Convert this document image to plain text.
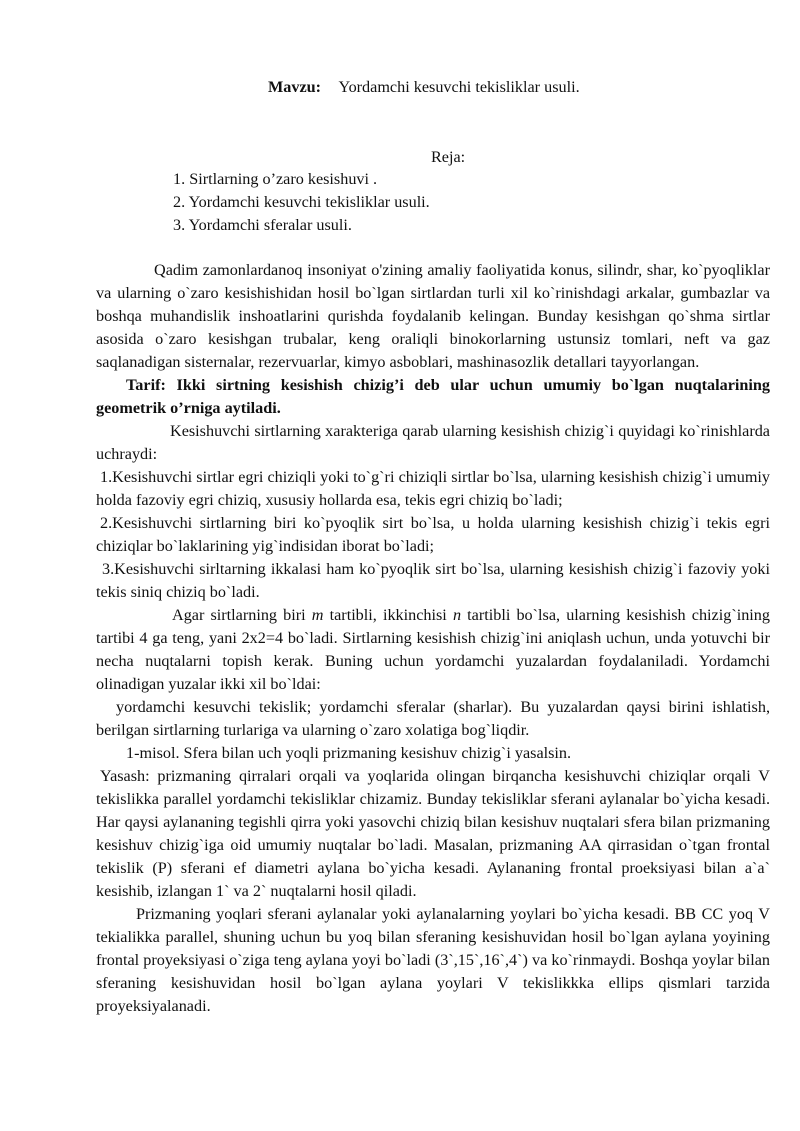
Mavzu: Yordamchi kesuvchi tekisliklar usuli.
Reja:
1. Sirtlarning o’zaro kesishuvi .
2. Yordamchi kesuvchi tekisliklar usuli.
3. Yordamchi sferalar usuli.

Qadim zamonlardanoq insoniyat o'zining amaliy faoliyatida konus, silindr, shar, ko`pyoqliklar va ularning o`zaro kesishishidan hosil bo`lgan sirtlardan turli xil ko`rinishdagi arkalar, gumbazlar va boshqa muhandislik inshoatlarini qurishda foydalanib kelingan. Bunday kesishgan qo`shma sirtlar asosida o`zaro kesishgan trubalar, keng oraliqli binokorlarning ustunsiz tomlari, neft va gaz saqlanadigan sisternalar, rezervuarlar, kimyo asboblari, mashinasozlik detallari tayyorlangan.

Tarif: Ikki sirtning kesishish chizig’i deb ular uchun umumiy bo`lgan nuqtalarining geometrik o’rniga aytiladi.

Kesishuvchi sirtlarning xarakteriga qarab ularning kesishish chizig`i quyidagi ko`rinishlarda uchraydi:

1.Kesishuvchi sirtlar egri chiziqli yoki to`g`ri chiziqli sirtlar bo`lsa, ularning kesishish chizig`i umumiy holda fazoviy egri chiziq, xususiy hollarda esa, tekis egri chiziq bo`ladi;

2.Kesishuvchi sirtlarning biri ko`pyoqlik sirt bo`lsa, u holda ularning kesishish chizig`i tekis egri chiziqlar bo`laklarining yig`indisidan iborat bo`ladi;

3.Kesishuvchi sirltarning ikkalasi ham ko`pyoqlik sirt bo`lsa, ularning kesishish chizig`i fazoviy yoki tekis siniq chiziq bo`ladi.

Agar sirtlarning biri m tartibli, ikkinchisi n tartibli bo`lsa, ularning kesishish chizig`ining tartibi 4 ga teng, yani 2x2=4 bo`ladi. Sirtlarning kesishish chizig`ini aniqlash uchun, unda yotuvchi bir necha nuqtalarni topish kerak. Buning uchun yordamchi yuzalardan foydalaniladi. Yordamchi olinadigan yuzalar ikki xil bo`ldai:

yordamchi kesuvchi tekislik; yordamchi sferalar (sharlar). Bu yuzalardan qaysi birini ishlatish, berilgan sirtlarning turlariga va ularning o`zaro xolatiga bog`liqdir.

1-misol. Sfera bilan uch yoqli prizmaning kesishuv chizig`i yasalsin.

Yasash: prizmaning qirralari orqali va yoqlarida olingan birqancha kesishuvchi chiziqlar orqali V tekislikka parallel yordamchi tekisliklar chizamiz. Bunday tekisliklar sferani aylanalar bo`yicha kesadi. Har qaysi aylananing tegishli qirra yoki yasovchi chiziq bilan kesishuv nuqtalari sfera bilan prizmaning kesishuv chizig`iga oid umumiy nuqtalar bo`ladi. Masalan, prizmaning AA qirrasidan o`tgan frontal tekislik (P) sferani ef diametri aylana bo`yicha kesadi. Aylananing frontal proeksiyasi bilan a`a` kesishib, izlangan 1` va 2` nuqtalarni hosil qiladi.

Prizmaning yoqlari sferani aylanalar yoki aylanalarning yoylari bo`yicha kesadi. BB CC yoq V tekialikka parallel, shuning uchun bu yoq bilan sferaning kesishuvidan hosil bo`lgan aylana yoyining frontal proyeksiyasi o`ziga teng aylana yoyi bo`ladi (3`,15`,16`,4`) va ko`rinmaydi. Boshqa yoylar bilan sferaning kesishuvidan hosil bo`lgan aylana yoylari V tekislikkka ellips qismlari tarzida proyeksiyalanadi.
